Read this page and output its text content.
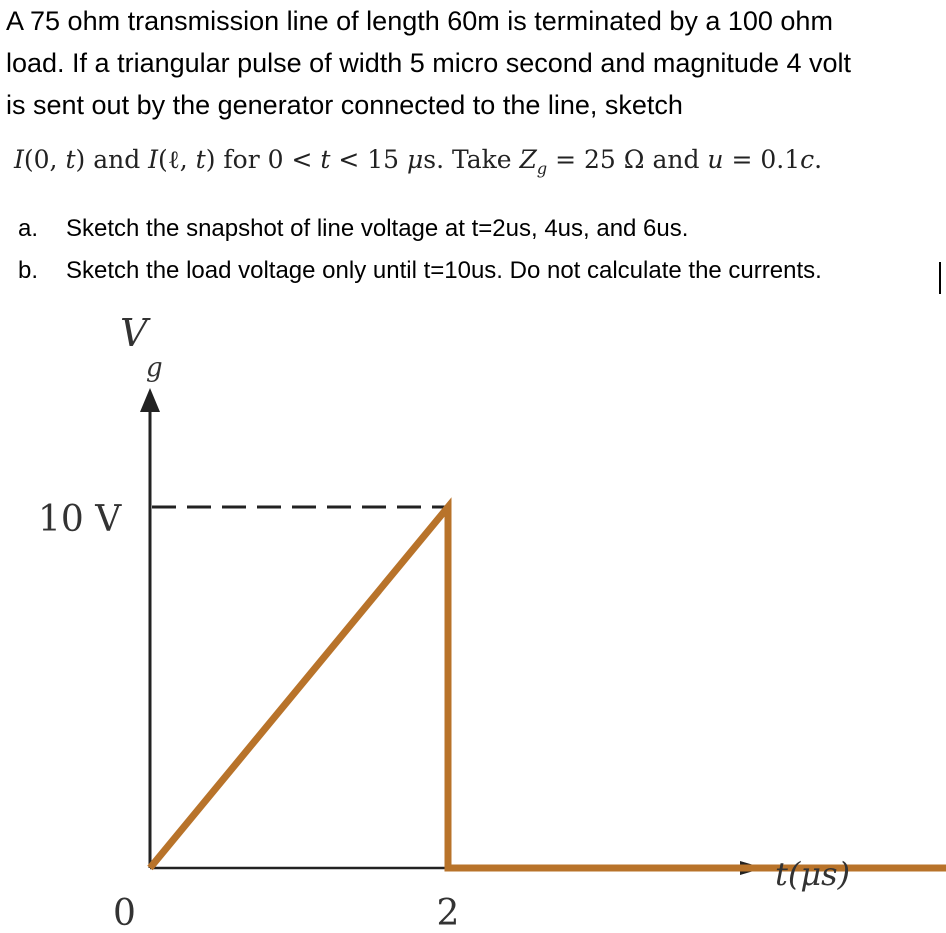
A 75 ohm transmission line of length 60m is terminated by a 100 ohm
load. If a triangular pulse of width 5 micro second and magnitude 4 volt
is sent out by the generator connected to the line, sketch
I(0, t) and I(ℓ, t) for 0 < t < 15 μs. Take $Z_g = 25$ Ω and u = 0.1c.
a. Sketch the snapshot of line voltage at t=2us, 4us, and 6us.
b. Sketch the load voltage only until t=10us. Do not calculate the currents.
V
g
10 V
0	2
t(μs)
